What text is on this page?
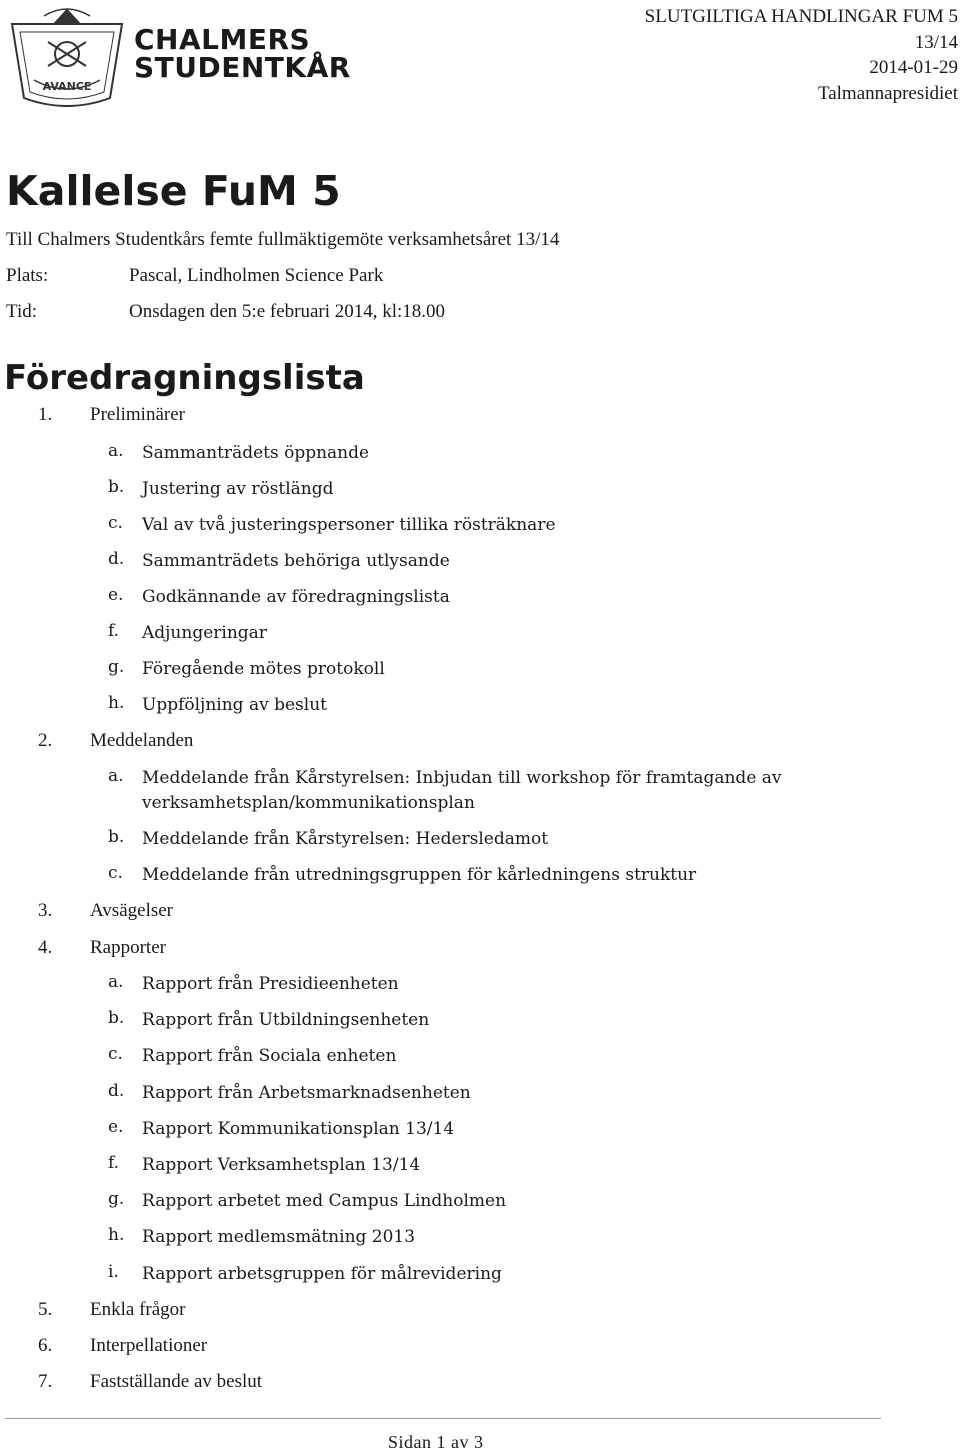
AVANCE
CHALMERS
STUDENTKÅR
SLUTGILTIGA HANDLINGAR FUM 5
13/14
2014-01-29
Talmannapresidiet
Kallelse FuM 5
Till Chalmers Studentkårs femte fullmäktigemöte verksamhetsåret 13/14
Plats:	Pascal, Lindholmen Science Park
Tid:	Onsdagen den 5:e februari 2014, kl:18.00
Föredragningslista
1. Preliminärer
a. Sammanträdets öppnande
b. Justering av röstlängd
c. Val av två justeringspersoner tillika rösträknare
d. Sammanträdets behöriga utlysande
e. Godkännande av föredragningslista
f. Adjungeringar
g. Föregående mötes protokoll
h. Uppföljning av beslut
2. Meddelanden
a. Meddelande från Kårstyrelsen: Inbjudan till workshop för framtagande av
verksamhetsplan/kommunikationsplan
b. Meddelande från Kårstyrelsen: Hedersledamot
c. Meddelande från utredningsgruppen för kårledningens struktur
3. Avsägelser
4. Rapporter
a. Rapport från Presidieenheten
b. Rapport från Utbildningsenheten
c. Rapport från Sociala enheten
d. Rapport från Arbetsmarknadsenheten
e. Rapport Kommunikationsplan 13/14
f. Rapport Verksamhetsplan 13/14
g. Rapport arbetet med Campus Lindholmen
h. Rapport medlemsmätning 2013
i. Rapport arbetsgruppen för målrevidering
5. Enkla frågor
6. Interpellationer
7. Fastställande av beslut
Sidan 1 av 3
